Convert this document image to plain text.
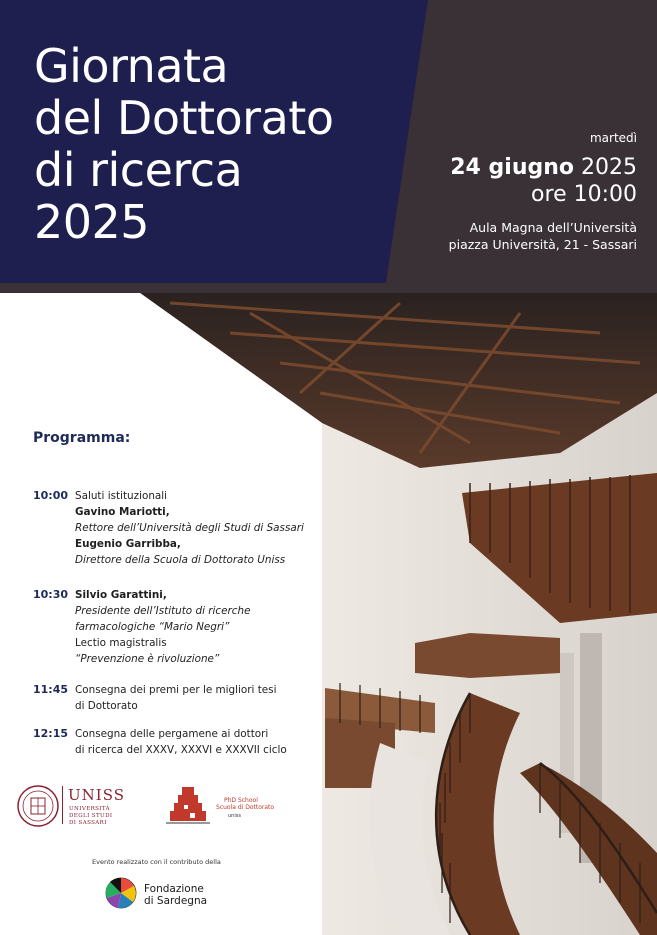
Giornata
del Dottorato
di ricerca
2025
martedì
24 giugno 2025
ore 10:00
Aula Magna dell’Università
piazza Università, 21 - Sassari
Programma:
10:00 Saluti istituzionali
Gavino Mariotti,
Rettore dell’Università degli Studi di Sassari
Eugenio Garribba,
Direttore della Scuola di Dottorato Uniss
10:30 Silvio Garattini,
Presidente dell’Istituto di ricerche
farmacologiche “Mario Negri”
Lectio magistralis
“Prevenzione è rivoluzione”
11:45 Consegna dei premi per le migliori tesi
di Dottorato
12:15 Consegna delle pergamene ai dottori
di ricerca del XXXV, XXXVI e XXXVII ciclo
UNISS
UNIVERSITÀ
DEGLI STUDI
DI SASSARI
PhD School
Scuola di Dottorato
uniss
Evento realizzato con il contributo della
Fondazione
di Sardegna
